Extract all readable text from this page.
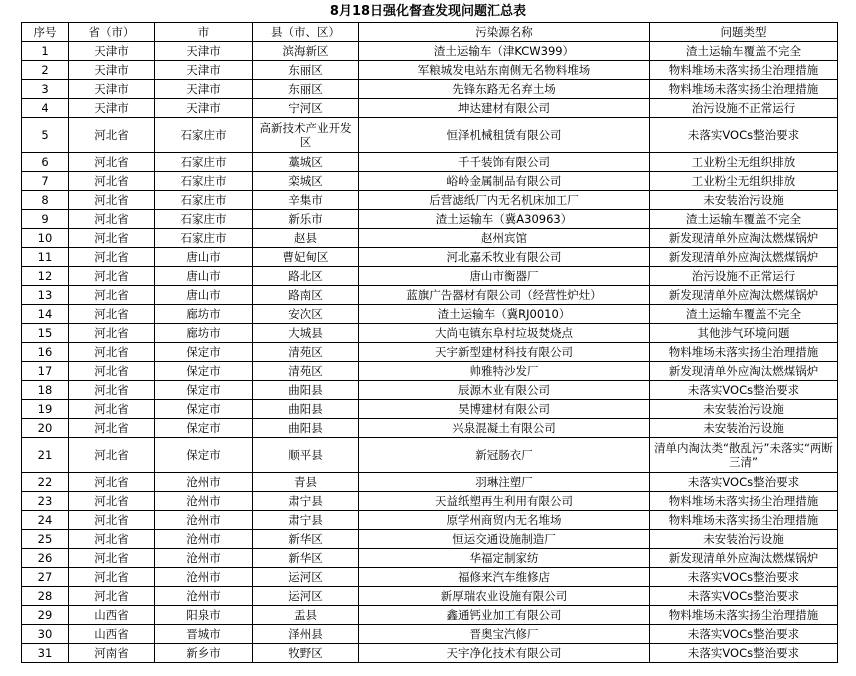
8月18日强化督查发现问题汇总表
序号	省（市）	市	县（市、区）	污染源名称	问题类型
1	天津市	天津市	滨海新区	渣土运输车（津KCW399）	渣土运输车覆盖不完全
2	天津市	天津市	东丽区	军粮城发电站东南侧无名物料堆场	物料堆场未落实扬尘治理措施
3	天津市	天津市	东丽区	先锋东路无名弃土场	物料堆场未落实扬尘治理措施
4	天津市	天津市	宁河区	坤达建材有限公司	治污设施不正常运行
5	河北省	石家庄市	高新技术产业开发区	恒泽机械租赁有限公司	未落实VOCs整治要求
6	河北省	石家庄市	藁城区	千千装饰有限公司	工业粉尘无组织排放
7	河北省	石家庄市	栾城区	峪岭金属制品有限公司	工业粉尘无组织排放
8	河北省	石家庄市	辛集市	后营滤纸厂内无名机床加工厂	未安装治污设施
9	河北省	石家庄市	新乐市	渣土运输车（冀A30963）	渣土运输车覆盖不完全
10	河北省	石家庄市	赵县	赵州宾馆	新发现清单外应淘汰燃煤锅炉
11	河北省	唐山市	曹妃甸区	河北嘉禾牧业有限公司	新发现清单外应淘汰燃煤锅炉
12	河北省	唐山市	路北区	唐山市衡器厂	治污设施不正常运行
13	河北省	唐山市	路南区	蓝旗广告器材有限公司（经营性炉灶）	新发现清单外应淘汰燃煤锅炉
14	河北省	廊坊市	安次区	渣土运输车（冀RJ0010）	渣土运输车覆盖不完全
15	河北省	廊坊市	大城县	大尚屯镇东阜村垃圾焚烧点	其他涉气环境问题
16	河北省	保定市	清苑区	天宇新型建材科技有限公司	物料堆场未落实扬尘治理措施
17	河北省	保定市	清苑区	帅雅特沙发厂	新发现清单外应淘汰燃煤锅炉
18	河北省	保定市	曲阳县	辰源木业有限公司	未落实VOCs整治要求
19	河北省	保定市	曲阳县	昊博建材有限公司	未安装治污设施
20	河北省	保定市	曲阳县	兴泉混凝土有限公司	未安装治污设施
21	河北省	保定市	顺平县	新冠肠衣厂	清单内淘汰类“散乱污”未落实“两断三清”
22	河北省	沧州市	青县	羽琳注塑厂	未落实VOCs整治要求
23	河北省	沧州市	肃宁县	天益纸塑再生利用有限公司	物料堆场未落实扬尘治理措施
24	河北省	沧州市	肃宁县	原学州商贸内无名堆场	物料堆场未落实扬尘治理措施
25	河北省	沧州市	新华区	恒运交通设施制造厂	未安装治污设施
26	河北省	沧州市	新华区	华福定制家纺	新发现清单外应淘汰燃煤锅炉
27	河北省	沧州市	运河区	福修来汽车维修店	未落实VOCs整治要求
28	河北省	沧州市	运河区	新厚瑞农业设施有限公司	未落实VOCs整治要求
29	山西省	阳泉市	盂县	鑫通钙业加工有限公司	物料堆场未落实扬尘治理措施
30	山西省	晋城市	泽州县	晋奥宝汽修厂	未落实VOCs整治要求
31	河南省	新乡市	牧野区	天宇净化技术有限公司	未落实VOCs整治要求
